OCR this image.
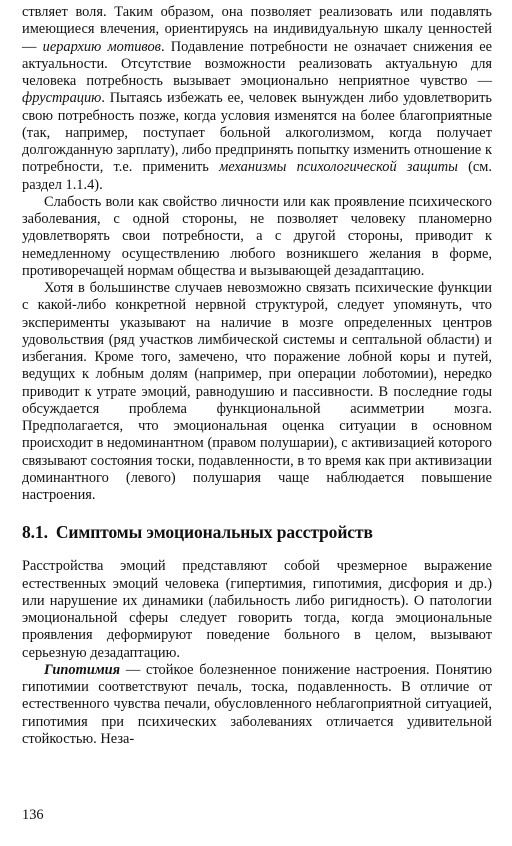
ствляет воля. Таким образом, она позволяет реализовать или подавлять имеющиеся влечения, ориентируясь на индивидуальную шкалу ценностей — иерархию мотивов. Подавление потребности не означает снижения ее актуальности. Отсутствие возможности реализовать актуальную для человека потребность вызывает эмоционально неприятное чувство — фрустрацию. Пытаясь избежать ее, человек вынужден либо удовлетворить свою потребность позже, когда условия изменятся на более благоприятные (так, например, поступает больной алкоголизмом, когда получает долгожданную зарплату), либо предпринять попытку изменить отношение к потребности, т.е. применить механизмы психологической защиты (см. раздел 1.1.4).

Слабость воли как свойство личности или как проявление психического заболевания, с одной стороны, не позволяет человеку планомерно удовлетворять свои потребности, а с другой стороны, приводит к немедленному осуществлению любого возникшего желания в форме, противоречащей нормам общества и вызывающей дезадаптацию.

Хотя в большинстве случаев невозможно связать психические функции с какой-либо конкретной нервной структурой, следует упомянуть, что эксперименты указывают на наличие в мозге определенных центров удовольствия (ряд участков лимбической системы и септальной области) и избегания. Кроме того, замечено, что поражение лобной коры и путей, ведущих к лобным долям (например, при операции лоботомии), нередко приводит к утрате эмоций, равнодушию и пассивности. В последние годы обсуждается проблема функциональной асимметрии мозга. Предполагается, что эмоциональная оценка ситуации в основном происходит в недоминантном (правом полушарии), с активизацией которого связывают состояния тоски, подавленности, в то время как при активизации доминантного (левого) полушария чаще наблюдается повышение настроения.

8.1. Симптомы эмоциональных расстройств

Расстройства эмоций представляют собой чрезмерное выражение естественных эмоций человека (гипертимия, гипотимия, дисфория и др.) или нарушение их динамики (лабильность либо ригидность). О патологии эмоциональной сферы следует говорить тогда, когда эмоциональные проявления деформируют поведение больного в целом, вызывают серьезную дезадаптацию.

Гипотимия — стойкое болезненное понижение настроения. Понятию гипотимии соответствуют печаль, тоска, подавленность. В отличие от естественного чувства печали, обусловленного неблагоприятной ситуацией, гипотимия при психических заболеваниях отличается удивительной стойкостью. Неза-

136
